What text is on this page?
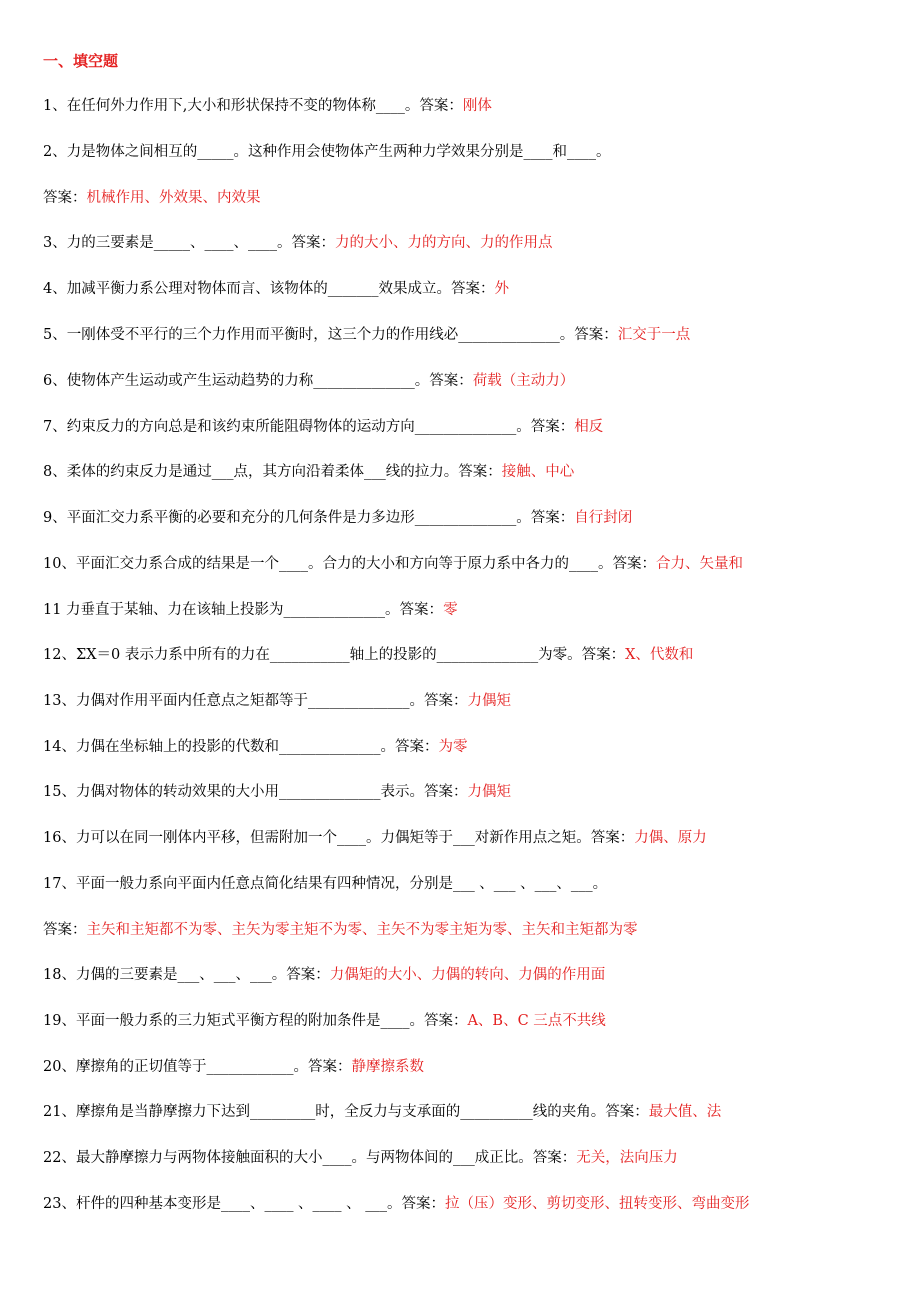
一、填空题
1、在任何外力作用下,大小和形状保持不变的物体称____。答案：刚体
2、力是物体之间相互的_____。这种作用会使物体产生两种力学效果分别是____和____。
答案：机械作用、外效果、内效果
3、力的三要素是_____、____、____。答案：力的大小、力的方向、力的作用点
4、加减平衡力系公理对物体而言、该物体的_______效果成立。答案：外
5、一刚体受不平行的三个力作用而平衡时，这三个力的作用线必______________。答案：汇交于一点
6、使物体产生运动或产生运动趋势的力称______________。答案：荷载（主动力）
7、约束反力的方向总是和该约束所能阻碍物体的运动方向______________。答案：相反
8、柔体的约束反力是通过___点，其方向沿着柔体___线的拉力。答案：接触、中心
9、平面汇交力系平衡的必要和充分的几何条件是力多边形______________。答案：自行封闭
10、平面汇交力系合成的结果是一个____。合力的大小和方向等于原力系中各力的____。答案：合力、矢量和
11 力垂直于某轴、力在该轴上投影为______________。答案：零
12、ΣX＝0 表示力系中所有的力在___________轴上的投影的______________为零。答案：X、代数和
13、力偶对作用平面内任意点之矩都等于______________。答案：力偶矩
14、力偶在坐标轴上的投影的代数和______________。答案：为零
15、力偶对物体的转动效果的大小用______________表示。答案：力偶矩
16、力可以在同一刚体内平移，但需附加一个____。力偶矩等于___对新作用点之矩。答案：力偶、原力
17、平面一般力系向平面内任意点简化结果有四种情况，分别是___ 、___ 、___、___。
答案：主矢和主矩都不为零、主矢为零主矩不为零、主矢不为零主矩为零、主矢和主矩都为零
18、力偶的三要素是___、___、___。答案：力偶矩的大小、力偶的转向、力偶的作用面
19、平面一般力系的三力矩式平衡方程的附加条件是____。答案：A、B、C 三点不共线
20、摩擦角的正切值等于____________。答案：静摩擦系数
21、摩擦角是当静摩擦力下达到_________时，全反力与支承面的__________线的夹角。答案：最大值、法
22、最大静摩擦力与两物体接触面积的大小____。与两物体间的___成正比。答案：无关，法向压力
23、杆件的四种基本变形是____、____ 、____ 、 ___。答案：拉（压）变形、剪切变形、扭转变形、弯曲变形
